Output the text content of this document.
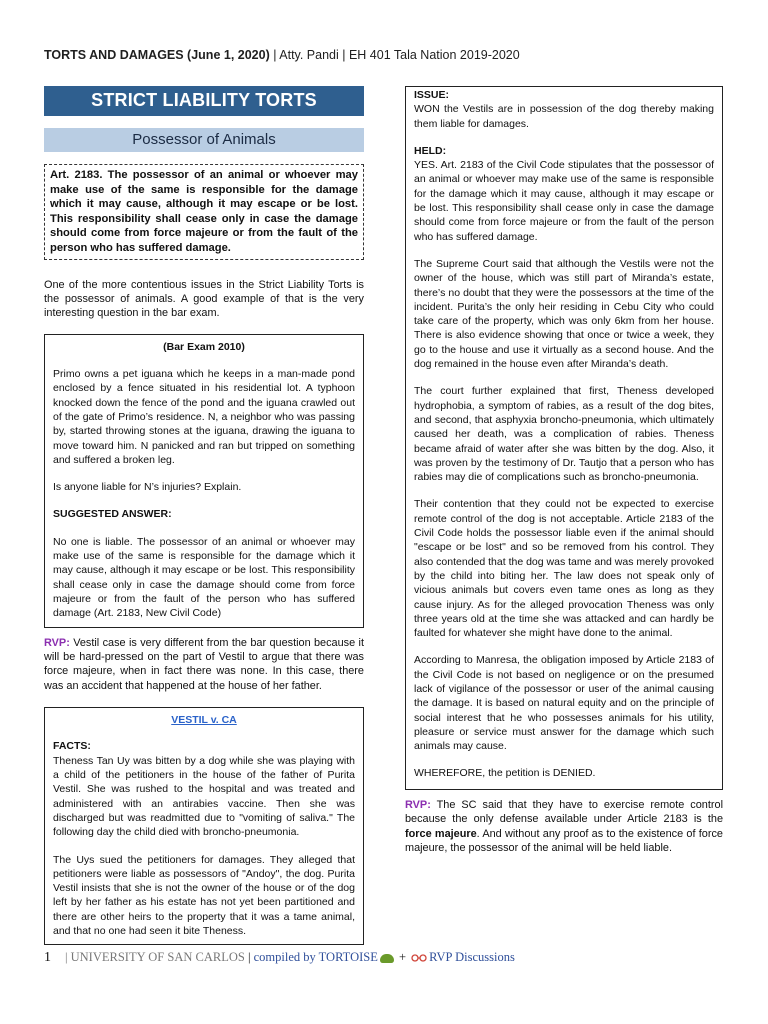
TORTS AND DAMAGES (June 1, 2020) | Atty. Pandi | EH 401 Tala Nation 2019-2020
STRICT LIABILITY TORTS
Possessor of Animals
Art. 2183. The possessor of an animal or whoever may make use of the same is responsible for the damage which it may cause, although it may escape or be lost. This responsibility shall cease only in case the damage should come from force majeure or from the fault of the person who has suffered damage.

One of the more contentious issues in the Strict Liability Torts is the possessor of animals. A good example of that is the very interesting question in the bar exam.

(Bar Exam 2010)

Primo owns a pet iguana which he keeps in a man-made pond enclosed by a fence situated in his residential lot. A typhoon knocked down the fence of the pond and the iguana crawled out of the gate of Primo’s residence. N, a neighbor who was passing by, started throwing stones at the iguana, drawing the iguana to move toward him. N panicked and ran but tripped on something and suffered a broken leg.

Is anyone liable for N’s injuries? Explain.

SUGGESTED ANSWER:

No one is liable. The possessor of an animal or whoever may make use of the same is responsible for the damage which it may cause, although it may escape or be lost. This responsibility shall cease only in case the damage should come from force majeure or from the fault of the person who has suffered damage (Art. 2183, New Civil Code)

RVP: Vestil case is very different from the bar question because it will be hard-pressed on the part of Vestil to argue that there was force majeure, when in fact there was none. In this case, there was an accident that happened at the house of her father.

VESTIL v. CA

FACTS:

Theness Tan Uy was bitten by a dog while she was playing with a child of the petitioners in the house of the father of Purita Vestil. She was rushed to the hospital and was treated and administered with an antirabies vaccine. Then she was discharged but was readmitted due to "vomiting of saliva." The following day the child died with broncho-pneumonia.

The Uys sued the petitioners for damages. They alleged that petitioners were liable as possessors of "Andoy", the dog. Purita Vestil insists that she is not the owner of the house or of the dog left by her father as his estate has not yet been partitioned and there are other heirs to the property that it was a tame animal, and that no one had seen it bite Theness.

ISSUE:

WON the Vestils are in possession of the dog thereby making them liable for damages.

HELD:

YES. Art. 2183 of the Civil Code stipulates that the possessor of an animal or whoever may make use of the same is responsible for the damage which it may cause, although it may escape or be lost. This responsibility shall cease only in case the damage should come from force majeure or from the fault of the person who has suffered damage.

The Supreme Court said that although the Vestils were not the owner of the house, which was still part of Miranda’s estate, there’s no doubt that they were the possessors at the time of the incident. Purita’s the only heir residing in Cebu City who could take care of the property, which was only 6km from her house. There is also evidence showing that once or twice a week, they go to the house and use it virtually as a second house. And the dog remained in the house even after Miranda’s death.

The court further explained that first, Theness developed hydrophobia, a symptom of rabies, as a result of the dog bites, and second, that asphyxia broncho-pneumonia, which ultimately caused her death, was a complication of rabies. Theness became afraid of water after she was bitten by the dog. Also, it was proven by the testimony of Dr. Tautjo that a person who has rabies may die of complications such as broncho-pneumonia.

Their contention that they could not be expected to exercise remote control of the dog is not acceptable. Article 2183 of the Civil Code holds the possessor liable even if the animal should "escape or be lost" and so be removed from his control. They also contended that the dog was tame and was merely provoked by the child into biting her. The law does not speak only of vicious animals but covers even tame ones as long as they cause injury. As for the alleged provocation Theness was only three years old at the time she was attacked and can hardly be faulted for whatever she might have done to the animal.

According to Manresa, the obligation imposed by Article 2183 of the Civil Code is not based on negligence or on the presumed lack of vigilance of the possessor or user of the animal causing the damage. It is based on natural equity and on the principle of social interest that he who possesses animals for his utility, pleasure or service must answer for the damage which such animals may cause.

WHEREFORE, the petition is DENIED.

RVP: The SC said that they have to exercise remote control because the only defense available under Article 2183 is the force majeure. And without any proof as to the existence of force majeure, the possessor of the animal will be held liable.

1 | UNIVERSITY OF SAN CARLOS | compiled by TORTOISE + RVP Discussions
